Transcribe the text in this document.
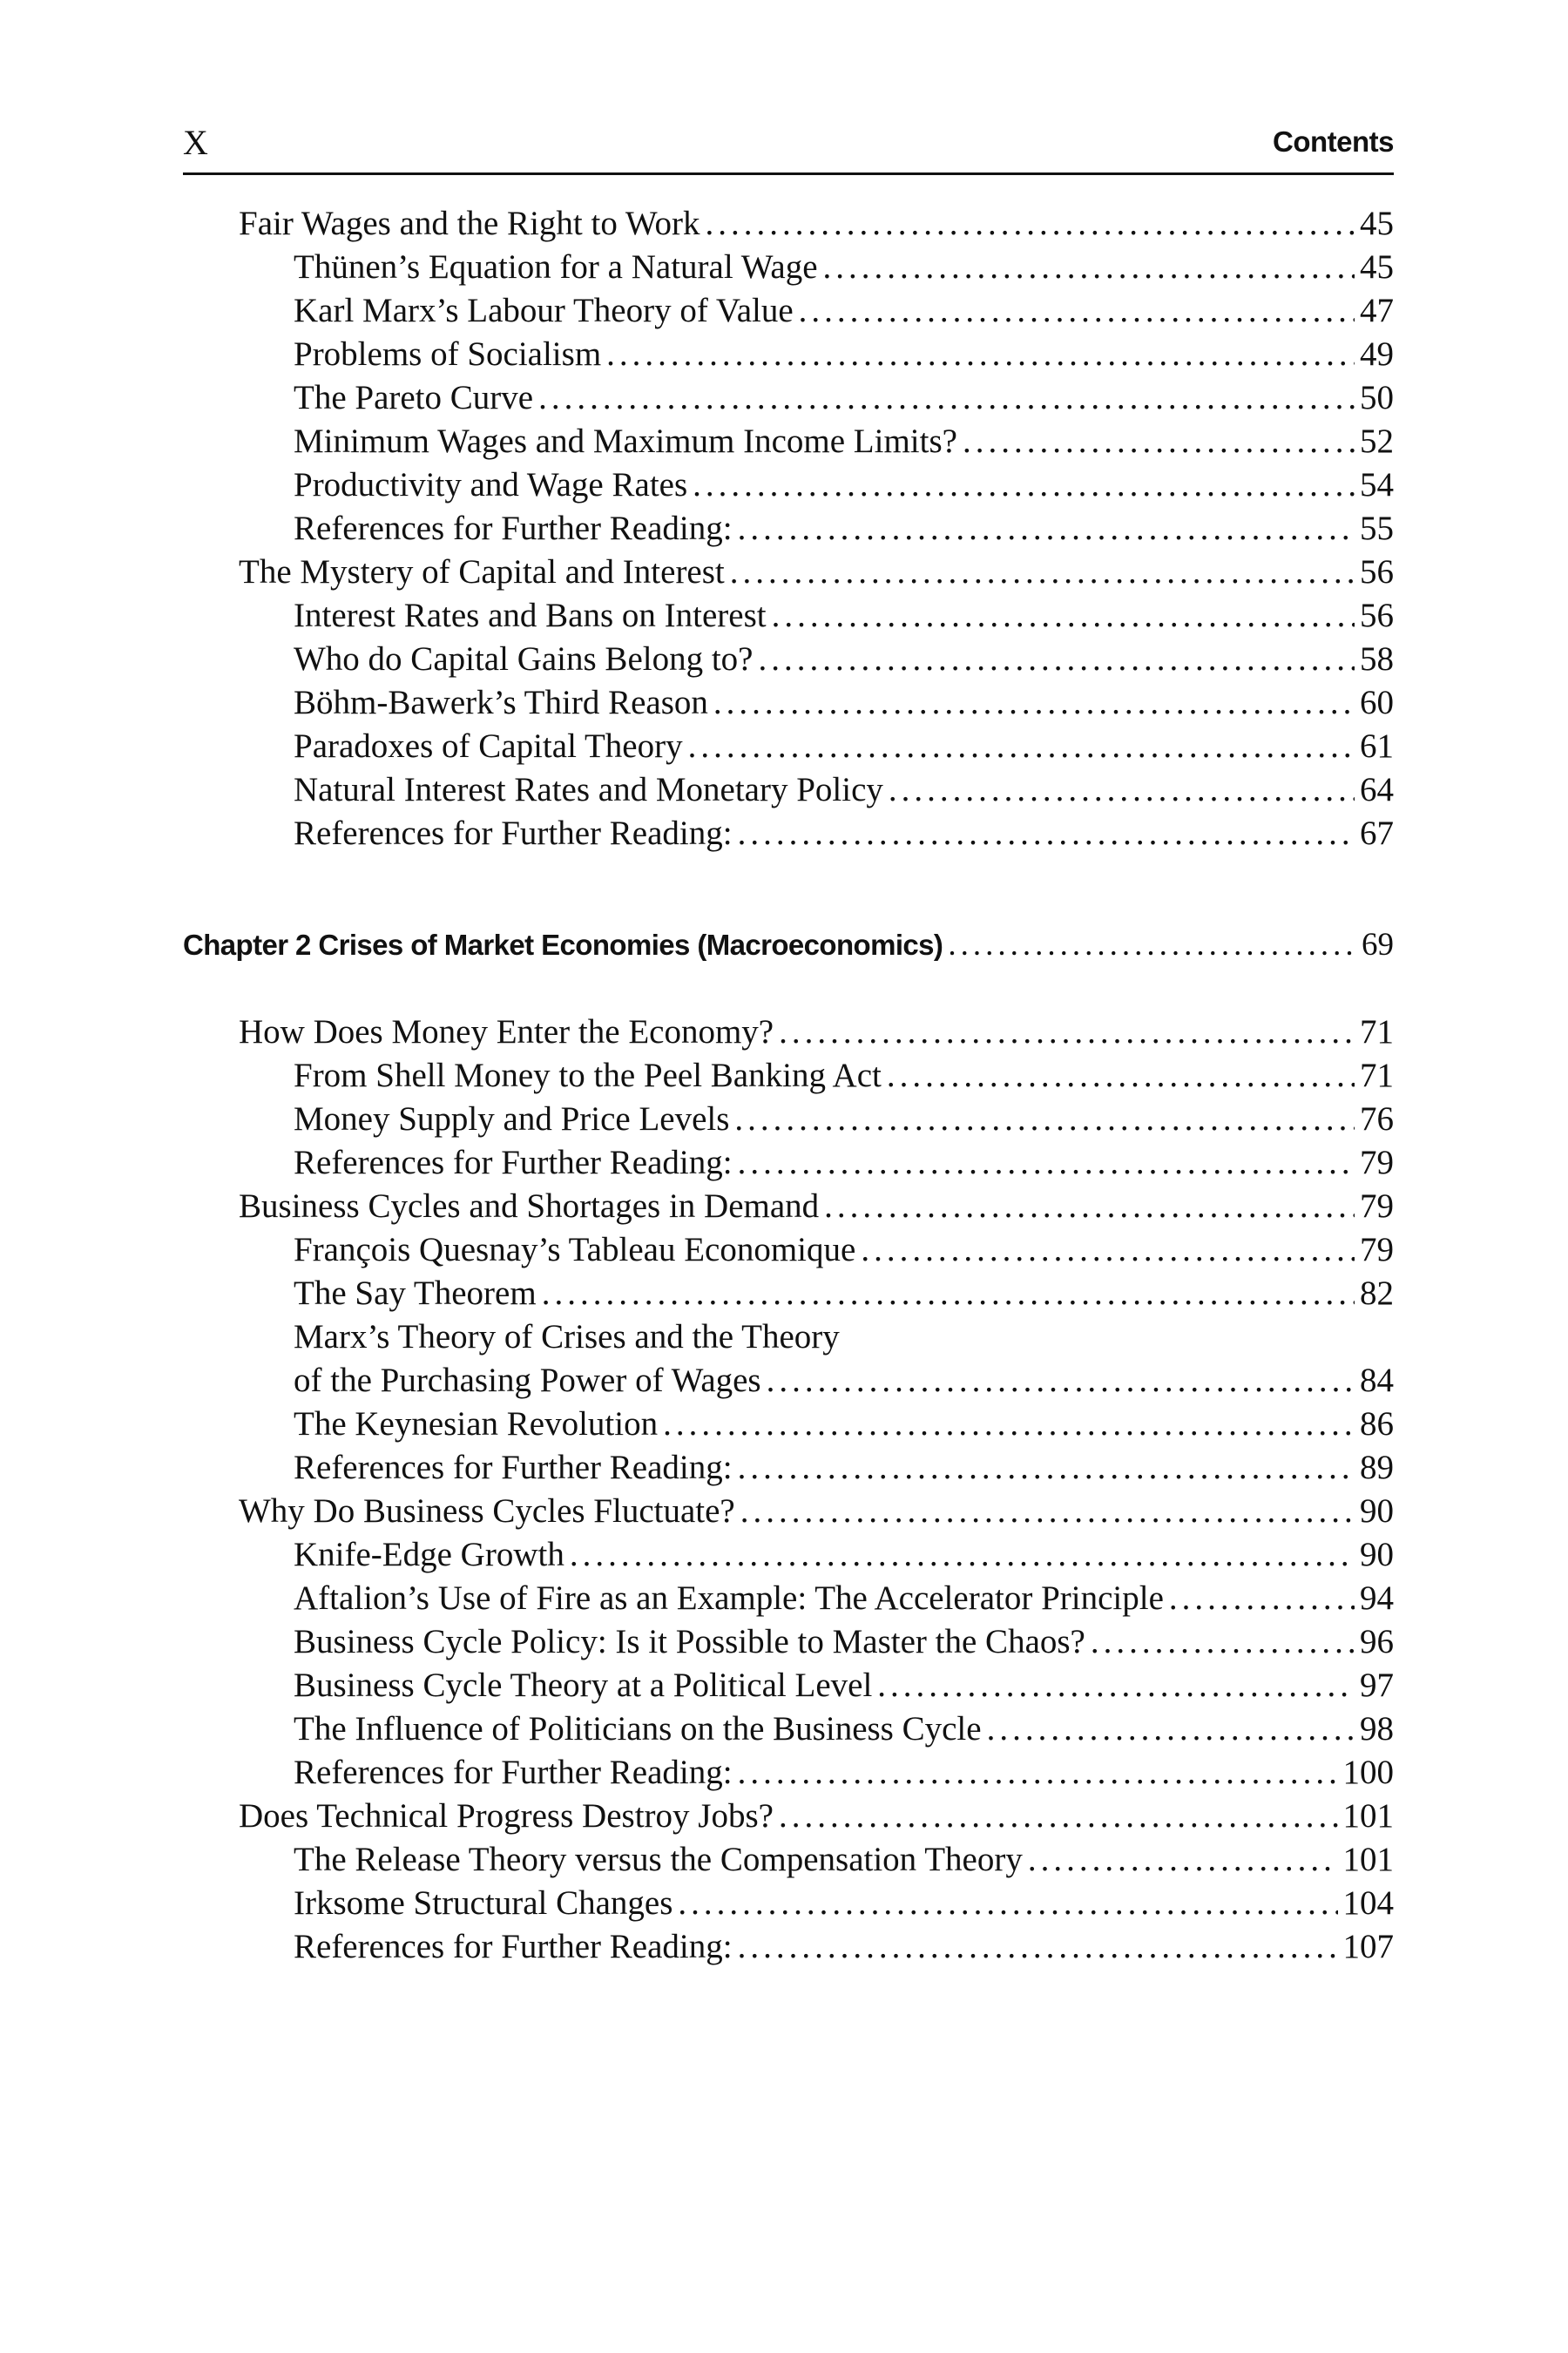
X	Contents
Fair Wages and the Right to Work .....	45
Thünen’s Equation for a Natural Wage .....	45
Karl Marx’s Labour Theory of Value .....	47
Problems of Socialism .....	49
The Pareto Curve .....	50
Minimum Wages and Maximum Income Limits? .....	52
Productivity and Wage Rates .....	54
References for Further Reading: .....	55
The Mystery of Capital and Interest .....	56
Interest Rates and Bans on Interest .....	56
Who do Capital Gains Belong to? .....	58
Böhm-Bawerk’s Third Reason .....	60
Paradoxes of Capital Theory .....	61
Natural Interest Rates and Monetary Policy .....	64
References for Further Reading: .....	67
Chapter 2 Crises of Market Economies (Macroeconomics) .....	69
How Does Money Enter the Economy? .....	71
From Shell Money to the Peel Banking Act .....	71
Money Supply and Price Levels .....	76
References for Further Reading: .....	79
Business Cycles and Shortages in Demand .....	79
François Quesnay’s Tableau Economique .....	79
The Say Theorem .....	82
Marx’s Theory of Crises and the Theory
of the Purchasing Power of Wages .....	84
The Keynesian Revolution .....	86
References for Further Reading: .....	89
Why Do Business Cycles Fluctuate? .....	90
Knife-Edge Growth .....	90
Aftalion’s Use of Fire as an Example: The Accelerator Principle .....	94
Business Cycle Policy: Is it Possible to Master the Chaos? .....	96
Business Cycle Theory at a Political Level .....	97
The Influence of Politicians on the Business Cycle .....	98
References for Further Reading: .....	100
Does Technical Progress Destroy Jobs? .....	101
The Release Theory versus the Compensation Theory .....	101
Irksome Structural Changes .....	104
References for Further Reading: .....	107
